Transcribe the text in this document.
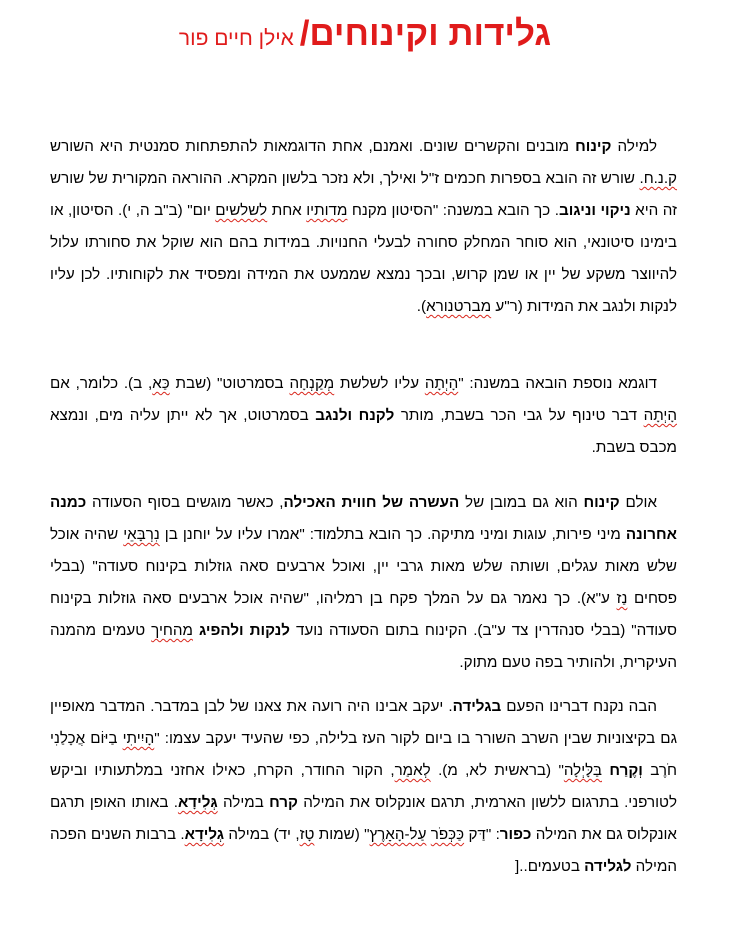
גלידות וקינוחים/ אילן חיים פור

למילה קינוח מובנים והקשרים שונים. ואמנם, אחת הדוגמאות להתפתחות סמנטית היא השורש ק.נ.ח. שורש זה הובא בספרות חכמים ז"ל ואילך, ולא נזכר בלשון המקרא. ההוראה המקורית של שורש זה היא ניקוי וניגוב. כך הובא במשנה: "הסיטון מקנח מדותיו אחת לשלשים יום" (ב"ב ה, י). הסיטון, או בימינו סיטונאי, הוא סוחר המחלק סחורה לבעלי החנויות. במידות בהם הוא שוקל את סחורתו עלול להיווצר משקע של יין או שמן קרוש, ובכך נמצא שממעט את המידה ומפסיד את לקוחותיו. לכן עליו לנקות ולנגב את המידות (ר"ע מברטנורא).

דוגמא נוספת הובאה במשנה: "הָיְתָה עליו לשלשת מְקַנְחָה בסמרטוט" (שבת כַּא, ב). כלומר, אם הָיְתָה דבר טינוף על גבי הכר בשבת, מותר לקנח ולנגב בסמרטוט, אך לא ייתן עליה מים, ונמצא מכבס בשבת.

אולם קינוח הוא גם במובן של העשרה של חווית האכילה, כאשר מוגשים בסוף הסעודה כמנה אחרונה מיני פירות, עוגות ומיני מתיקה. כך הובא בתלמוד: "אמרו עליו על יוחנן בן נִרְבָּאֵי שהיה אוכל שלש מאות עגלים, ושותה שלש מאות גרבי יין, ואוכל ארבעים סאה גוזלות בקינוח סעודה" (בבלי פסחים נַז ע"א). כך נאמר גם על המלך פקח בן רמליהו, "שהיה אוכל ארבעים סאה גוזלות בקינוח סעודה" (בבלי סנהדרין צד ע"ב). הקינוח בתום הסעודה נועד לנקות ולהפיג מהחיך טעמים מהמנה העיקרית, ולהותיר בפה טעם מתוק.

הבה נקנח דברינו הפעם בגלידה. יעקב אבינו היה רועה את צאנו של לבן במדבר. המדבר מאופיין גם בקיצוניות שבין השרב השורר בו ביום לקור העז בלילה, כפי שהעיד יעקב עצמו: "הָיִיתִי בַיּוֹם אֲכָלַנִי חֹרֶב וְקֶרַח בַּלָּיְלָה" (בראשית לא, מ). לְאמַר, הקור החודר, הקרח, כאילו אחזני במלתעותיו וביקש לטורפני. בתרגום ללשון הארמית, תרגם אונקלוס את המילה קרח במילה גְּלִידָא. באותו האופן תרגם אונקלוס גם את המילה כפור: "דַּק כַּכְּפֹר עַל-הָאָרֶץ" (שמות טָז, יד) במילה גְלִידָא. ברבות השנים הפכה המילה לגלידה בטעמים..[
